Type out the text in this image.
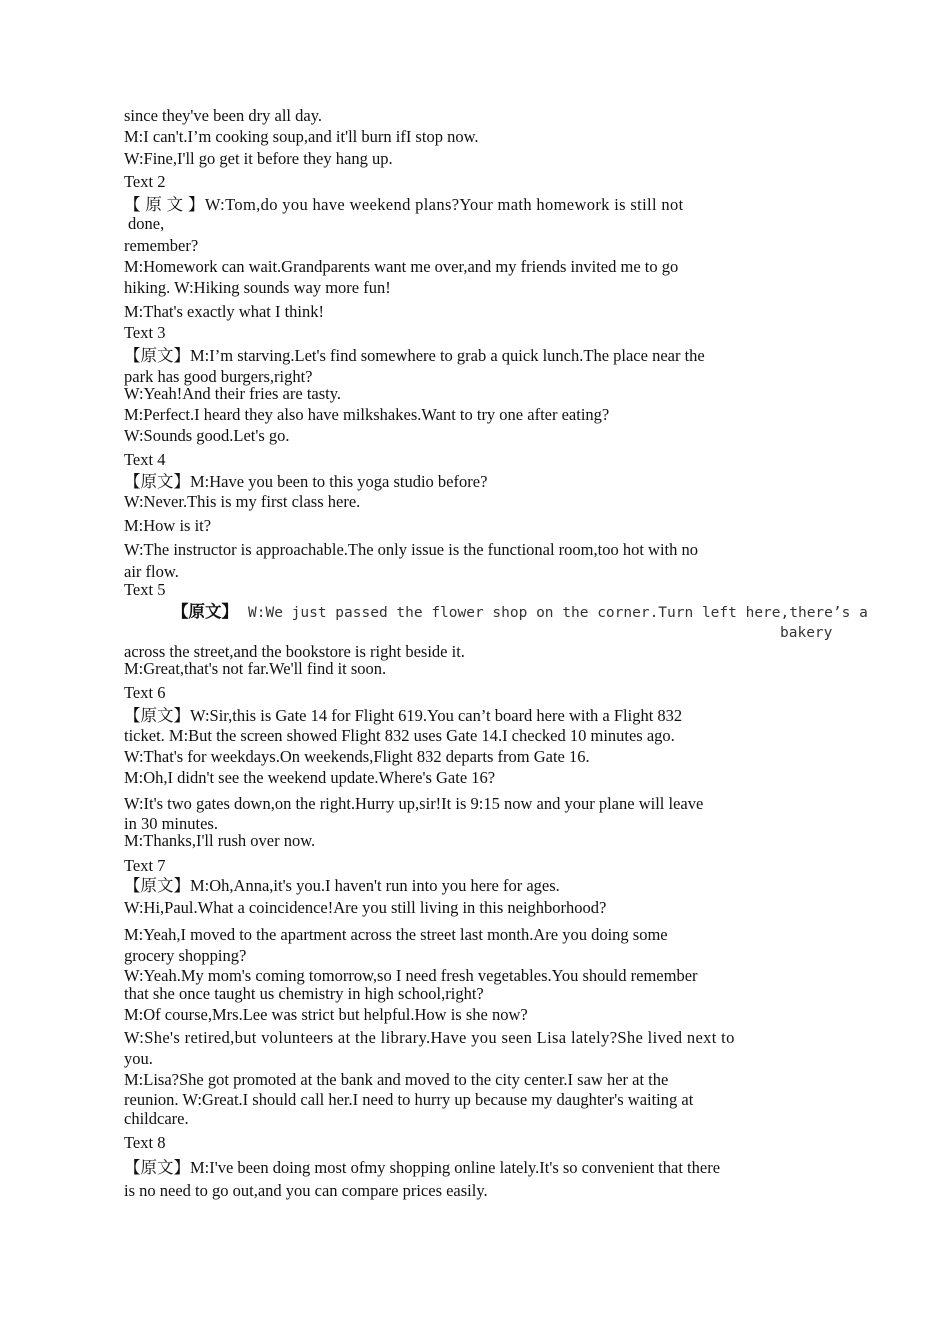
since they've been dry all day.
M:I can't.I’m cooking soup,and it'll burn ifI stop now.
W:Fine,I'll go get it before they hang up.
Text 2
【 原 文 】W:Tom,do you have weekend plans?Your math homework is still not
done,
remember?
M:Homework can wait.Grandparents want me over,and my friends invited me to go
hiking. W:Hiking sounds way more fun!
M:That's exactly what I think!
Text 3
【原文】M:I’m starving.Let's find somewhere to grab a quick lunch.The place near the
park has good burgers,right?
W:Yeah!And their fries are tasty.
M:Perfect.I heard they also have milkshakes.Want to try one after eating?
W:Sounds good.Let's go.
Text 4
【原文】M:Have you been to this yoga studio before?
W:Never.This is my first class here.
M:How is it?
W:The instructor is approachable.The only issue is the functional room,too hot with no
air flow.
Text 5
【原文】 W:We just passed the flower shop on the corner.Turn left here,there’s a
bakery
across the street,and the bookstore is right beside it.
M:Great,that's not far.We'll find it soon.
Text 6
【原文】W:Sir,this is Gate 14 for Flight 619.You can’t board here with a Flight 832
ticket. M:But the screen showed Flight 832 uses Gate 14.I checked 10 minutes ago.
W:That's for weekdays.On weekends,Flight 832 departs from Gate 16.
M:Oh,I didn't see the weekend update.Where's Gate 16?
W:It's two gates down,on the right.Hurry up,sir!It is 9:15 now and your plane will leave
in 30 minutes.
M:Thanks,I'll rush over now.
Text 7
【原文】M:Oh,Anna,it's you.I haven't run into you here for ages.
W:Hi,Paul.What a coincidence!Are you still living in this neighborhood?
M:Yeah,I moved to the apartment across the street last month.Are you doing some
grocery shopping?
W:Yeah.My mom's coming tomorrow,so I need fresh vegetables.You should remember
that she once taught us chemistry in high school,right?
M:Of course,Mrs.Lee was strict but helpful.How is she now?
W:She's retired,but volunteers at the library.Have you seen Lisa lately?She lived next to
you.
M:Lisa?She got promoted at the bank and moved to the city center.I saw her at the
reunion. W:Great.I should call her.I need to hurry up because my daughter's waiting at
childcare.
Text 8
【原文】M:I've been doing most ofmy shopping online lately.It's so convenient that there
is no need to go out,and you can compare prices easily.
